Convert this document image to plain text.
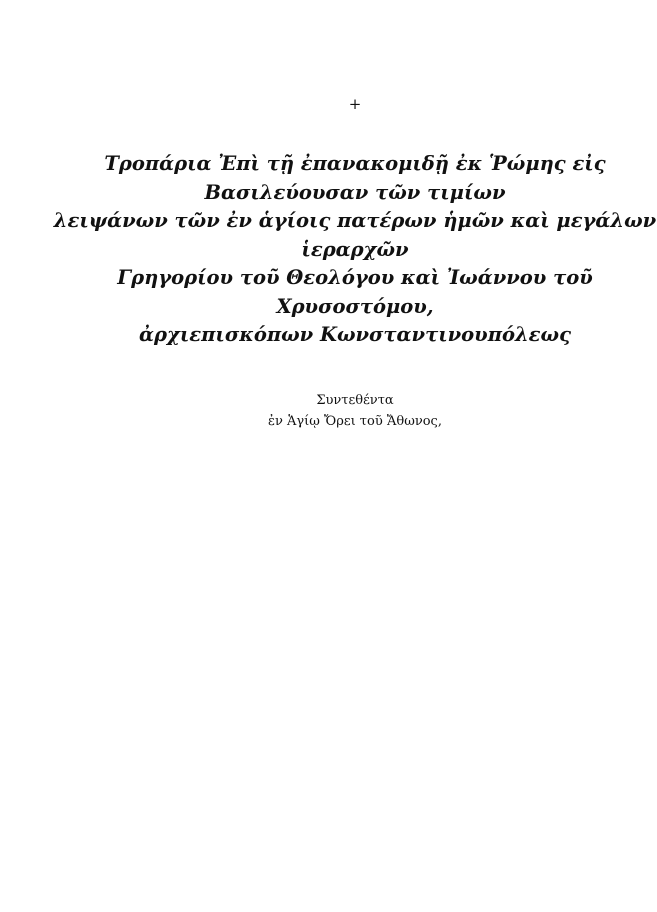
+
Τροπάρια Ἐπὶ τῇ ἐπανακομιδῇ ἐκ Ῥώμης εἰς
Βασιλεύουσαν τῶν τιμίων
λειψάνων τῶν ἐν ἁγίοις πατέρων ἡμῶν καὶ μεγάλων
ἱεραρχῶν
Γρηγορίου τοῦ Θεολόγου καὶ Ἰωάννου τοῦ
Χρυσοστόμου,
ἀρχιεπισκόπων Κωνσταντινουπόλεως
Συντεθέντα
ἐν Ἁγίῳ Ὄρει τοῦ Ἄθωνος,
